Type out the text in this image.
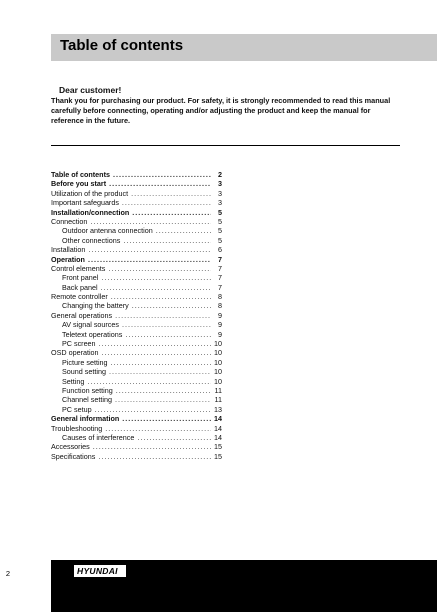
Table of contents
Dear customer!
Thank you for purchasing our product. For safety, it is strongly recommended to read this manual carefully before connecting, operating and/or adjusting the product and keep the manual for reference in the future.
Table of contents .....	2
Before you start .....	3
Utilization of the product .....	3
Important safeguards .....	3
Installation/connection .....	5
Connection .....	5
Outdoor antenna connection .....	5
Other connections .....	5
Installation .....	6
Operation .....	7
Control elements .....	7
Front panel .....	7
Back panel .....	7
Remote controller .....	8
Changing the battery .....	8
General operations .....	9
AV signal sources .....	9
Teletext operations .....	9
PC screen .....	10
OSD operation .....	10
Picture setting .....	10
Sound setting .....	10
Setting .....	10
Function setting .....	11
Channel setting .....	11
PC setup .....	13
General information .....	14
Troubleshooting .....	14
Causes of interference .....	14
Accessories .....	15
Specifications .....	15
2	HYUNDAI
